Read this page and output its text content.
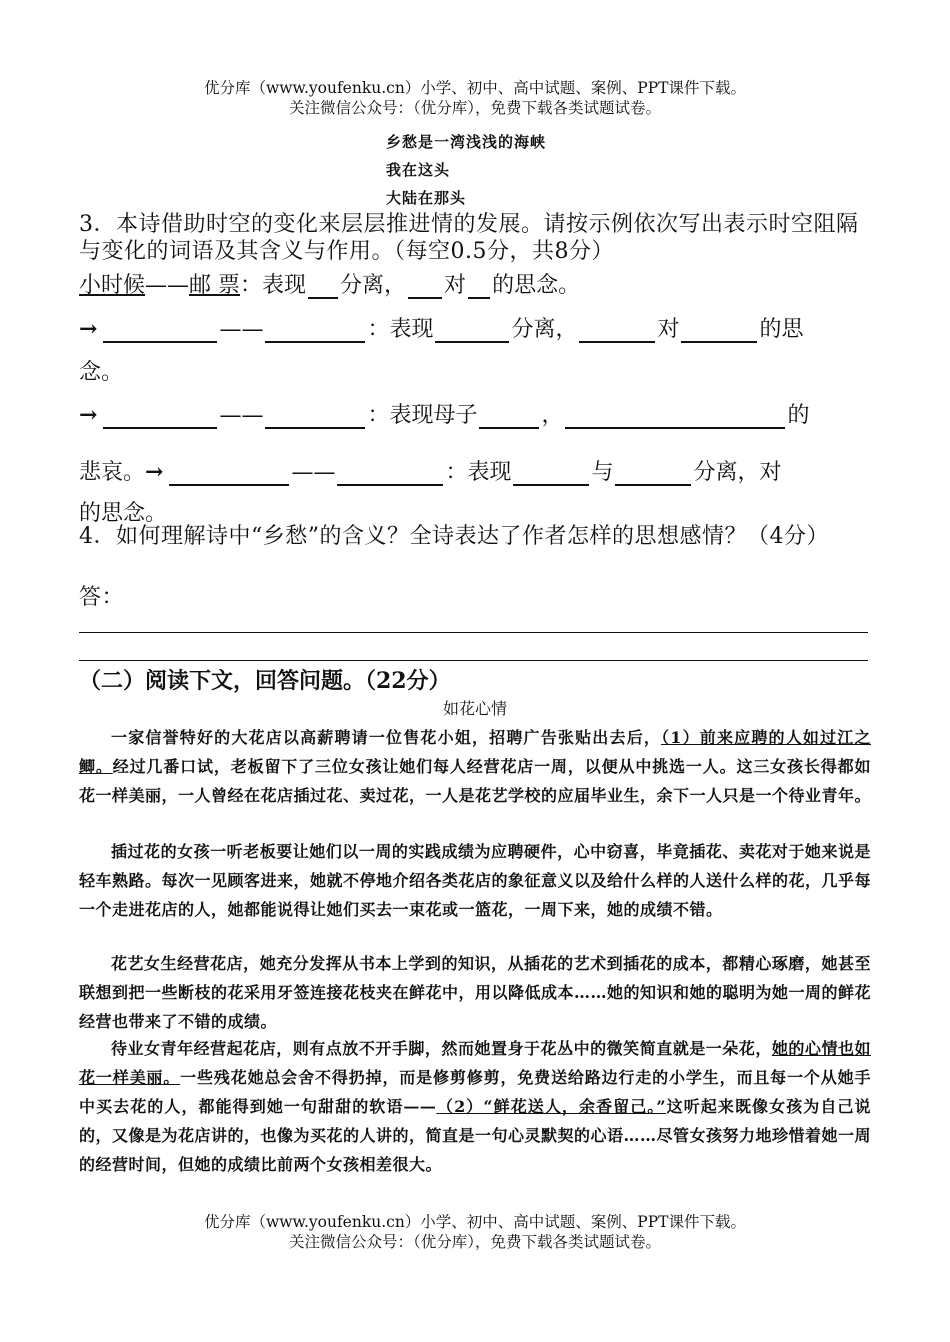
优分库（www.youfenku.cn）小学、初中、高中试题、案例、PPT课件下载。
关注微信公众号：（优分库），免费下载各类试题试卷。
乡愁是一湾浅浅的海峡
我在这头
大陆在那头
3．本诗借助时空的变化来层层推进情的发展。请按示例依次写出表示时空阻隔与变化的词语及其含义与作用。（每空0.5分，共8分）
小时候——邮 票：表现 分离， 对 的思念。
→	——	：表现	分离，	对	的思
念。
→	——	：表现母子	，	的
悲哀。→	——	：表现	与	分离，对
的思念。
4．如何理解诗中“乡愁”的含义？全诗表达了作者怎样的思想感情？（4分）
答：
（二）阅读下文，回答问题。（22分）
如花心情
一家信誉特好的大花店以高薪聘请一位售花小姐，招聘广告张贴出去后，（1）前来应聘的人如过江之鲫。经过几番口试，老板留下了三位女孩让她们每人经营花店一周，以便从中挑选一人。这三女孩长得都如花一样美丽，一人曾经在花店插过花、卖过花，一人是花艺学校的应届毕业生，余下一人只是一个待业青年。
插过花的女孩一听老板要让她们以一周的实践成绩为应聘硬件，心中窃喜，毕竟插花、卖花对于她来说是轻车熟路。每次一见顾客进来，她就不停地介绍各类花店的象征意义以及给什么样的人送什么样的花，几乎每一个走进花店的人，她都能说得让她们买去一束花或一篮花，一周下来，她的成绩不错。
花艺女生经营花店，她充分发挥从书本上学到的知识，从插花的艺术到插花的成本，都精心琢磨，她甚至联想到把一些断枝的花采用牙签连接花枝夹在鲜花中，用以降低成本……她的知识和她的聪明为她一周的鲜花经营也带来了不错的成绩。
待业女青年经营起花店，则有点放不开手脚，然而她置身于花丛中的微笑简直就是一朵花，她的心情也如花一样美丽。一些残花她总会舍不得扔掉，而是修剪修剪，免费送给路边行走的小学生，而且每一个从她手中买去花的人，都能得到她一句甜甜的软语——（2）“鲜花送人，余香留己。”这听起来既像女孩为自己说的，又像是为花店讲的，也像为买花的人讲的，简直是一句心灵默契的心语……尽管女孩努力地珍惜着她一周的经营时间，但她的成绩比前两个女孩相差很大。
优分库（www.youfenku.cn）小学、初中、高中试题、案例、PPT课件下载。
关注微信公众号：（优分库），免费下载各类试题试卷。
